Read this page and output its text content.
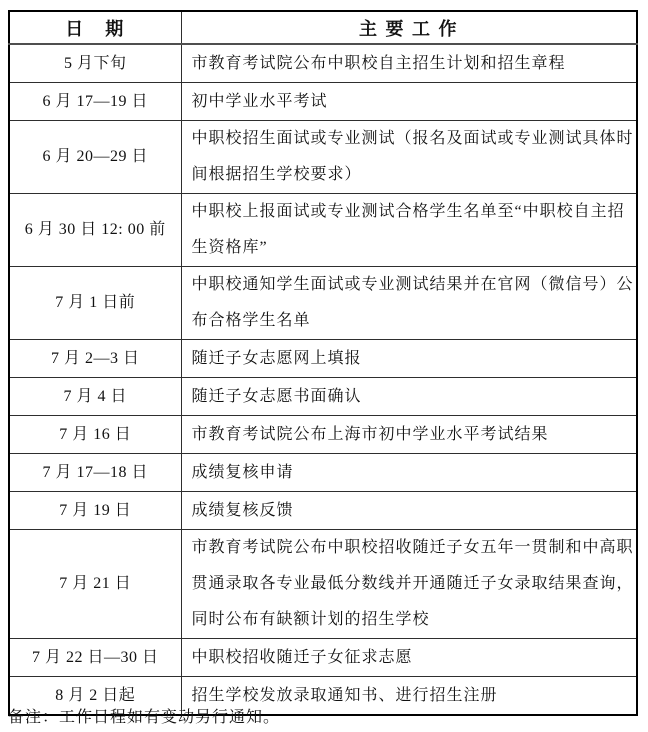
日　期	主 要 工 作
5 月下旬	市教育考试院公布中职校自主招生计划和招生章程
6 月 17—19 日	初中学业水平考试
6 月 20—29 日	中职校招生面试或专业测试（报名及面试或专业测试具体时间根据招生学校要求）
6 月 30 日 12: 00 前	中职校上报面试或专业测试合格学生名单至“中职校自主招生资格库”
7 月 1 日前	中职校通知学生面试或专业测试结果并在官网（微信号）公布合格学生名单
7 月 2—3 日	随迁子女志愿网上填报
7 月 4 日	随迁子女志愿书面确认
7 月 16 日	市教育考试院公布上海市初中学业水平考试结果
7 月 17—18 日	成绩复核申请
7 月 19 日	成绩复核反馈
7 月 21 日	市教育考试院公布中职校招收随迁子女五年一贯制和中高职贯通录取各专业最低分数线并开通随迁子女录取结果查询，同时公布有缺额计划的招生学校
7 月 22 日—30 日	中职校招收随迁子女征求志愿
8 月 2 日起	招生学校发放录取通知书、进行招生注册
备注：工作日程如有变动另行通知。
